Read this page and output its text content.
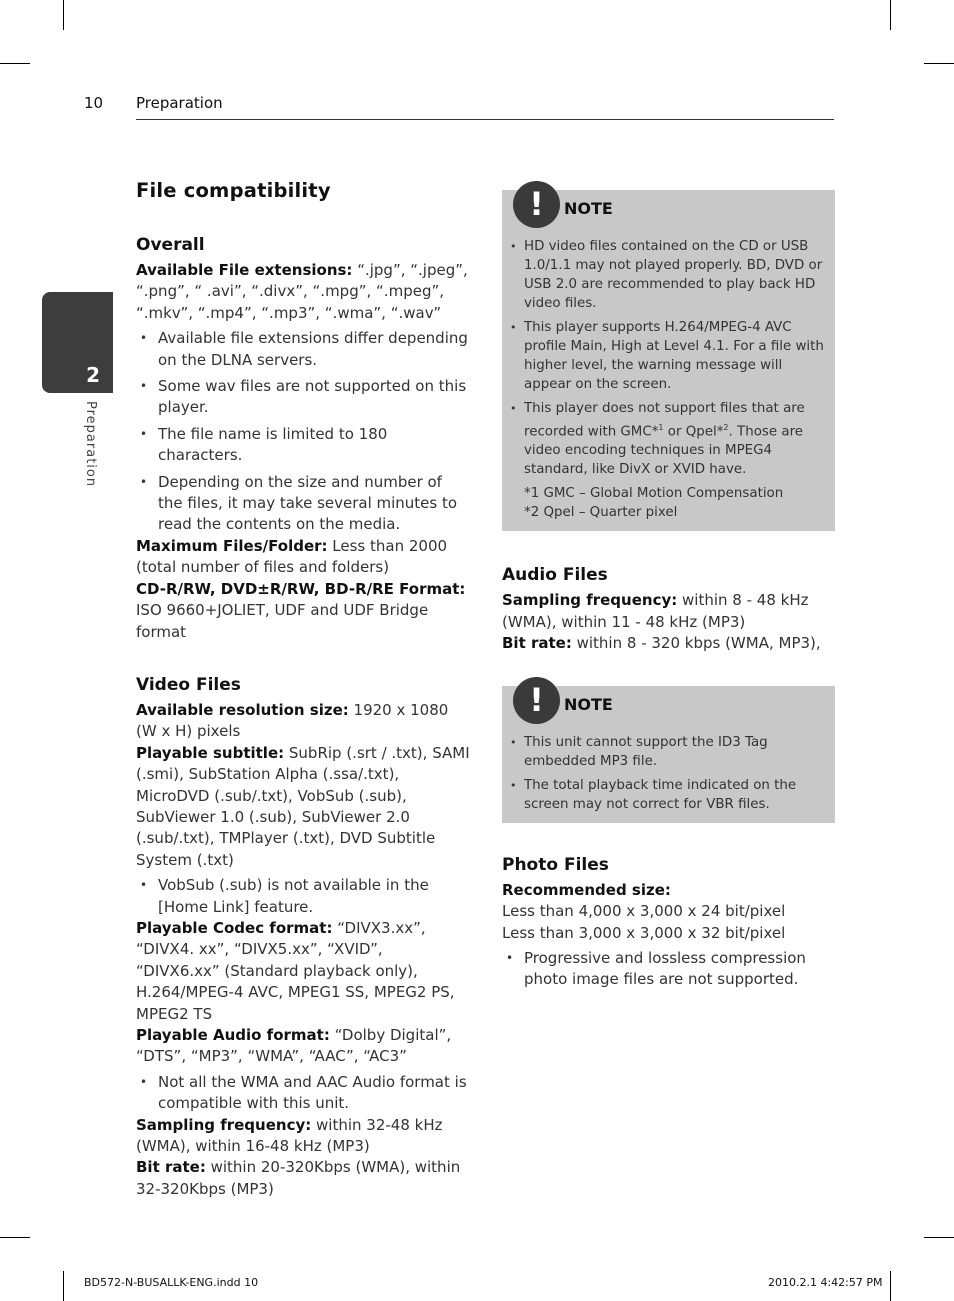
10 Preparation
2
Preparation
File compatibility
Overall

Available File extensions: “.jpg”, “.jpeg”, “.png”, “ .avi”, “.divx”, “.mpg”, “.mpeg”, “.mkv”, “.mp4”, “.mp3”, “.wma”, “.wav”

• Available file extensions differ depending on the DLNA servers.
• Some wav files are not supported on this player.
• The file name is limited to 180 characters.
• Depending on the size and number of the files, it may take several minutes to read the contents on the media.

Maximum Files/Folder: Less than 2000 (total number of files and folders)

CD-R/RW, DVD±R/RW, BD-R/RE Format:

ISO 9660+JOLIET, UDF and UDF Bridge format

Video Files

Available resolution size: 1920 x 1080 (W x H) pixels

Playable subtitle: SubRip (.srt / .txt), SAMI (.smi), SubStation Alpha (.ssa/.txt), MicroDVD (.sub/.txt), VobSub (.sub), SubViewer 1.0 (.sub), SubViewer 2.0 (.sub/.txt), TMPlayer (.txt), DVD Subtitle System (.txt)

• VobSub (.sub) is not available in the [Home Link] feature.

Playable Codec format: “DIVX3.xx”, “DIVX4. xx”, “DIVX5.xx”, “XVID”, “DIVX6.xx” (Standard playback only), H.264/MPEG-4 AVC, MPEG1 SS, MPEG2 PS, MPEG2 TS

Playable Audio format: “Dolby Digital”, “DTS”, “MP3”, “WMA”, “AAC”, “AC3”

• Not all the WMA and AAC Audio format is compatible with this unit.

Sampling frequency: within 32-48 kHz (WMA), within 16-48 kHz (MP3)

Bit rate: within 20-320Kbps (WMA), within 32-320Kbps (MP3)

!	NOTE
• HD video files contained on the CD or USB 1.0/1.1 may not played properly. BD, DVD or USB 2.0 are recommended to play back HD video files.
• This player supports H.264/MPEG-4 AVC profile Main, High at Level 4.1. For a file with higher level, the warning message will appear on the screen.
• This player does not support files that are recorded with GMC*$^1$ or Qpel*$^2$. Those are video encoding techniques in MPEG4 standard, like DivX or XVID have.
*1 GMC – Global Motion Compensation
*2 Qpel – Quarter pixel
Audio Files

Sampling frequency: within 8 - 48 kHz (WMA), within 11 - 48 kHz (MP3)

Bit rate: within 8 - 320 kbps (WMA, MP3),

!	NOTE
• This unit cannot support the ID3 Tag embedded MP3 file.
• The total playback time indicated on the screen may not correct for VBR files.
Photo Files

Recommended size:

Less than 4,000 x 3,000 x 24 bit/pixel

Less than 3,000 x 3,000 x 32 bit/pixel

• Progressive and lossless compression photo image files are not supported.
BD572-N-BUSALLK-ENG.indd 10	2010.2.1 4:42:57 PM
